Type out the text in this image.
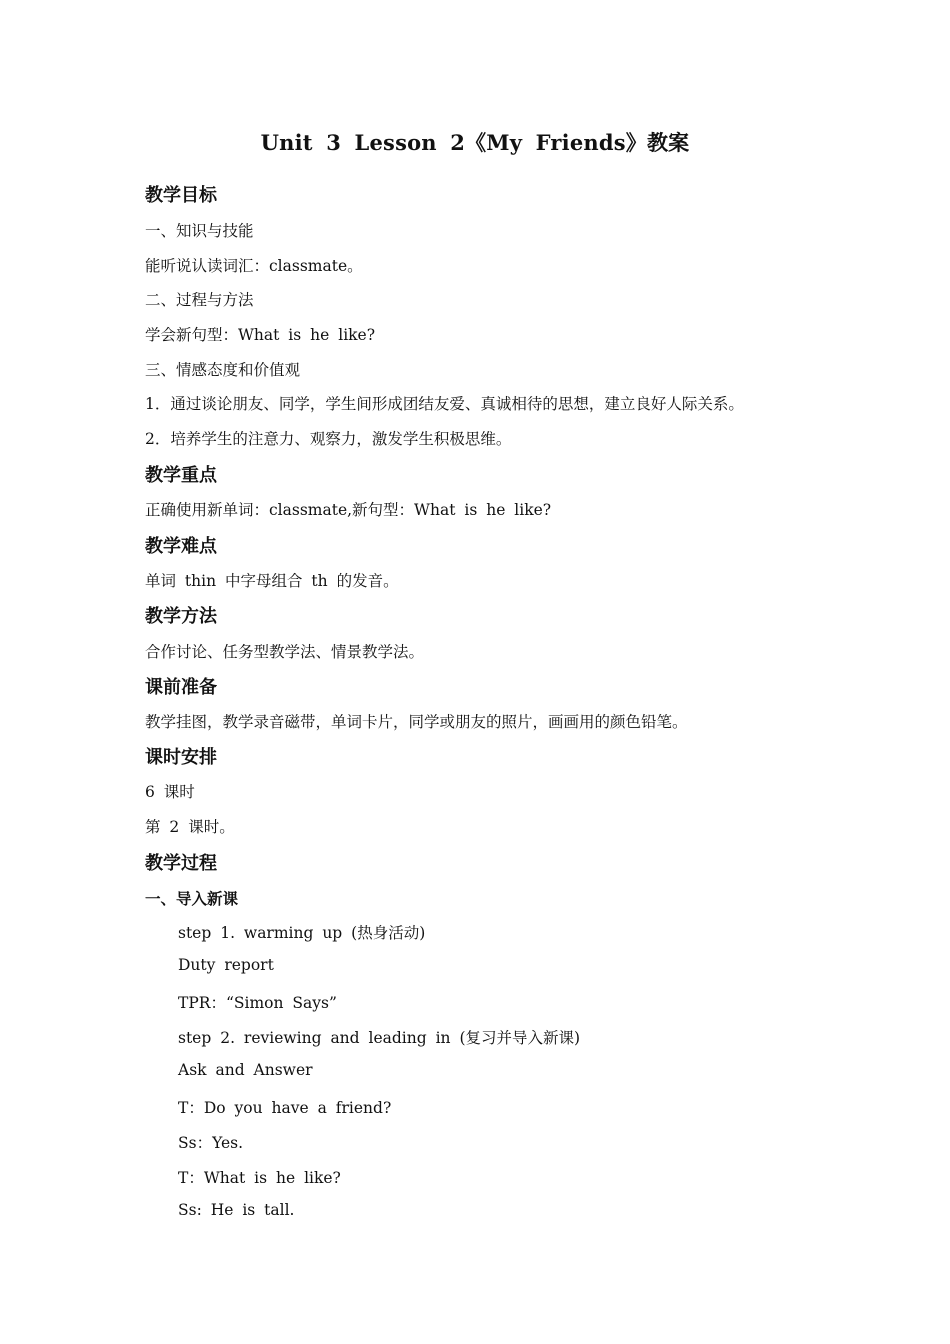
Unit 3 Lesson 2《My Friends》教案
教学目标
一、知识与技能
能听说认读词汇：classmate。
二、过程与方法
学会新句型：What is he like?
三、情感态度和价值观
1．通过谈论朋友、同学，学生间形成团结友爱、真诚相待的思想，建立良好人际关系。
2．培养学生的注意力、观察力，激发学生积极思维。
教学重点
正确使用新单词：classmate,新句型：What is he like?
教学难点
单词 thin 中字母组合 th 的发音。
教学方法
合作讨论、任务型教学法、情景教学法。
课前准备
教学挂图，教学录音磁带，单词卡片，同学或朋友的照片，画画用的颜色铅笔。
课时安排
6 课时
第 2 课时。
教学过程
一、导入新课
step 1. warming up (热身活动)
Duty report
TPR：“Simon Says”
step 2. reviewing and leading in (复习并导入新课)
Ask and Answer
T：Do you have a friend?
Ss：Yes.
T：What is he like?
Ss: He is tall.
